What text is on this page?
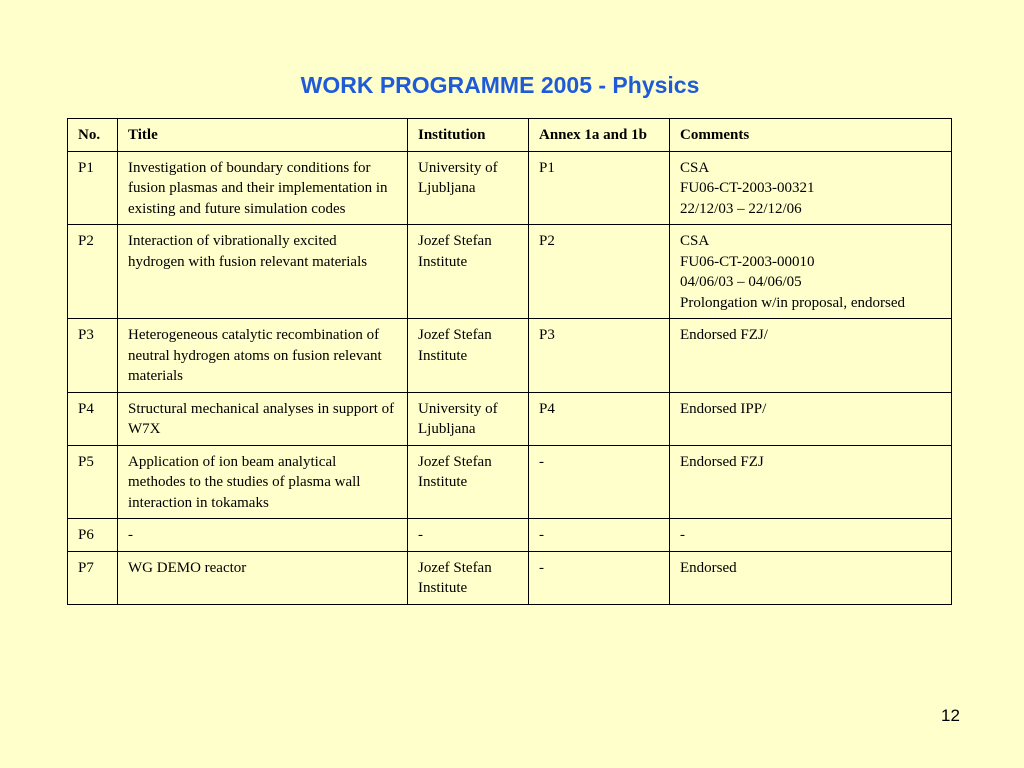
WORK PROGRAMME 2005 - Physics
No.	Title	Institution	Annex 1a and 1b	Comments
P1	Investigation of boundary conditions for fusion plasmas and their implementation in existing and future simulation codes	University of Ljubljana	P1	CSA
FU06-CT-2003-00321
22/12/03 – 22/12/06

P2	Interaction of vibrationally excited hydrogen with fusion relevant materials	Jozef Stefan Institute	P2	CSA
FU06-CT-2003-00010
04/06/03 – 04/06/05
Prolongation w/in proposal, endorsed

P3	Heterogeneous catalytic recombination of neutral hydrogen atoms on fusion relevant materials	Jozef Stefan Institute	P3	Endorsed FZJ/

P4	Structural mechanical analyses in support of W7X	University of Ljubljana	P4	Endorsed IPP/

P5	Application of ion beam analytical methodes to the studies of plasma wall interaction in tokamaks	Jozef Stefan Institute	-	Endorsed FZJ

P6	-	-	-	-

P7	WG DEMO reactor	Jozef Stefan Institute	-	Endorsed
12
